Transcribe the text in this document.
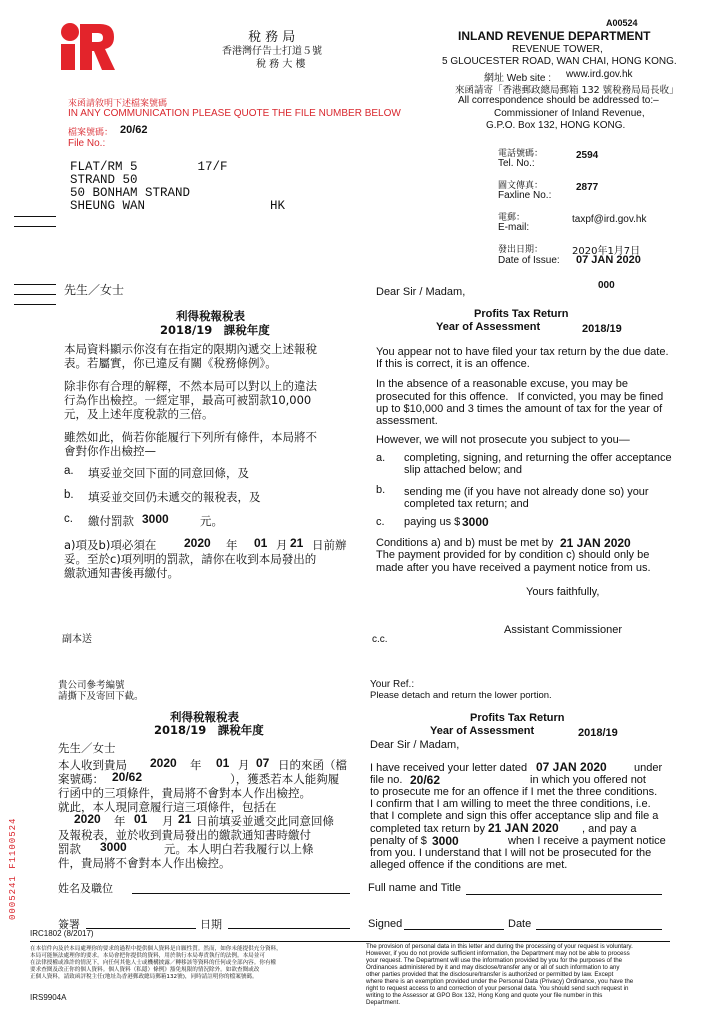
稅 務 局
香港灣仔告士打道５號
稅 務 大 樓
A00524
INLAND REVENUE DEPARTMENT
REVENUE TOWER,
5 GLOUCESTER ROAD, WAN CHAI, HONG KONG.
網址 Web site : www.ird.gov.hk
來函請寄「香港郵政總局郵箱 132 號稅務局局長收」
All correspondence should be addressed to:–
Commissioner of Inland Revenue,
G.P.O. Box 132, HONG KONG.
來函請敘明下述檔案號碼
IN ANY COMMUNICATION PLEASE QUOTE THE FILE NUMBER BELOW
檔案號碼： 20/62
File No.:
FLAT/RM 5        17/F
STRAND 50
50 BONHAM STRAND
SHEUNG WAN	HK
電話號碼：
Tel. No.:
2594
圖文傳真：
Faxline No.:
2877
電郵：
E-mail:
taxpf@ird.gov.hk
發出日期：
Date of Issue:
2020年1月7日
07 JAN 2020
000
先生／女士
利得稅報稅表
2018/19　課稅年度
本局資料顯示你沒有在指定的限期內遞交上述報稅
表。若屬實，你已違反有關《稅務條例》。
除非你有合理的解釋，不然本局可以對以上的違法
行為作出檢控。一經定罪，最高可被罰款10,000
元，及上述年度稅款的三倍。
雖然如此，倘若你能履行下列所有條件，本局將不
會對你作出檢控—
a. 填妥並交回下面的同意回條，及
b. 填妥並交回仍未遞交的報稅表，及
c. 繳付罰款 3000	元。
a)項及b)項必須在 2020 年 01 月 21 日前辦
妥。至於c)項列明的罰款，請你在收到本局發出的
繳款通知書後再繳付。
副本送
Dear Sir / Madam,
Profits Tax Return
Year of Assessment	2018/19
You appear not to have filed your tax return by the due date.
If this is correct, it is an offence.
In the absence of a reasonable excuse, you may be
prosecuted for this offence.   If convicted, you may be fined
up to $10,000 and 3 times the amount of tax for the year of
assessment.
However, we will not prosecute you subject to you—
a. completing, signing, and returning the offer acceptance
slip attached below; and
b. sending me (if you have not already done so) your
completed tax return; and
c. paying us $ 3000
Conditions a) and b) must be met by 21 JAN 2020
The payment provided for by condition c) should only be
made after you have received a payment notice from us.
Yours faithfully,
Assistant Commissioner
c.c.
貴公司參考編號
請撕下及寄回下截。
利得稅報稅表
2018/19　課稅年度
先生／女士
本人收到貴局 2020 年 01 月 07 日的來函（檔
案號碼： 20/62	），獲悉若本人能夠履
行函中的三項條件，貴局將不會對本人作出檢控。
就此，本人現同意履行這三項條件，包括在
2020 年 01 月 21 日前填妥並遞交此同意回條
及報稅表，並於收到貴局發出的繳款通知書時繳付
罰款 3000	元。本人明白若我履行以上條
件，貴局將不會對本人作出檢控。
姓名及職位
簽署	日期
Your Ref.:
Please detach and return the lower portion.
Profits Tax Return
Year of Assessment	2018/19
Dear Sir / Madam,
I have received your letter dated 07 JAN 2020 under
file no. 20/62	in which you offered not
to prosecute me for an offence if I met the three conditions.
I confirm that I am willing to meet the three conditions, i.e.
that I complete and sign this offer acceptance slip and file a
completed tax return by 21 JAN 2020 , and pay a
penalty of $ 3000	when I receive a payment notice
from you. I understand that I will not be prosecuted for the
alleged offence if the conditions are met.
Full name and Title
Signed	Date
0005241 F1100524
IRC1802 (8/2017)
在本信件內及於本局處理你的要求的過程中提供個人資料是自願性質。然而，如你未能提供充分資料，
本局可能無法處理你的要求。本局會把你提供的資料，用於執行本局專責執行的法例。本局並可
在法律授權或准許的情況下，向任何其他人士或機構披露／轉移該等資料的任何或全部內容。你有權
要求查閱及改正你的個人資料。個人資料（私隱）條例》豁免規限的情況除外。如欲查閱或改
正個人資料，請致函評稅主任(地址為香港郵政總局郵箱132號)，同時請註明你的檔案號碼。
IRS9904A
The provision of personal data in this letter and during the processing of your request is voluntary.
However, if you do not provide sufficient information, the Department may not be able to process
your request. The Department will use the information provided by you for the purposes of the
Ordinances administered by it and may disclose/transfer any or all of such information to any
other parties provided that the disclosure/transfer is authorized or permitted by law. Except
where there is an exemption provided under the Personal Data (Privacy) Ordinance, you have the
right to request access to and correction of your personal data. You should send such request in
writing to the Assessor at GPO Box 132, Hong Kong and quote your file number in this
Department.
